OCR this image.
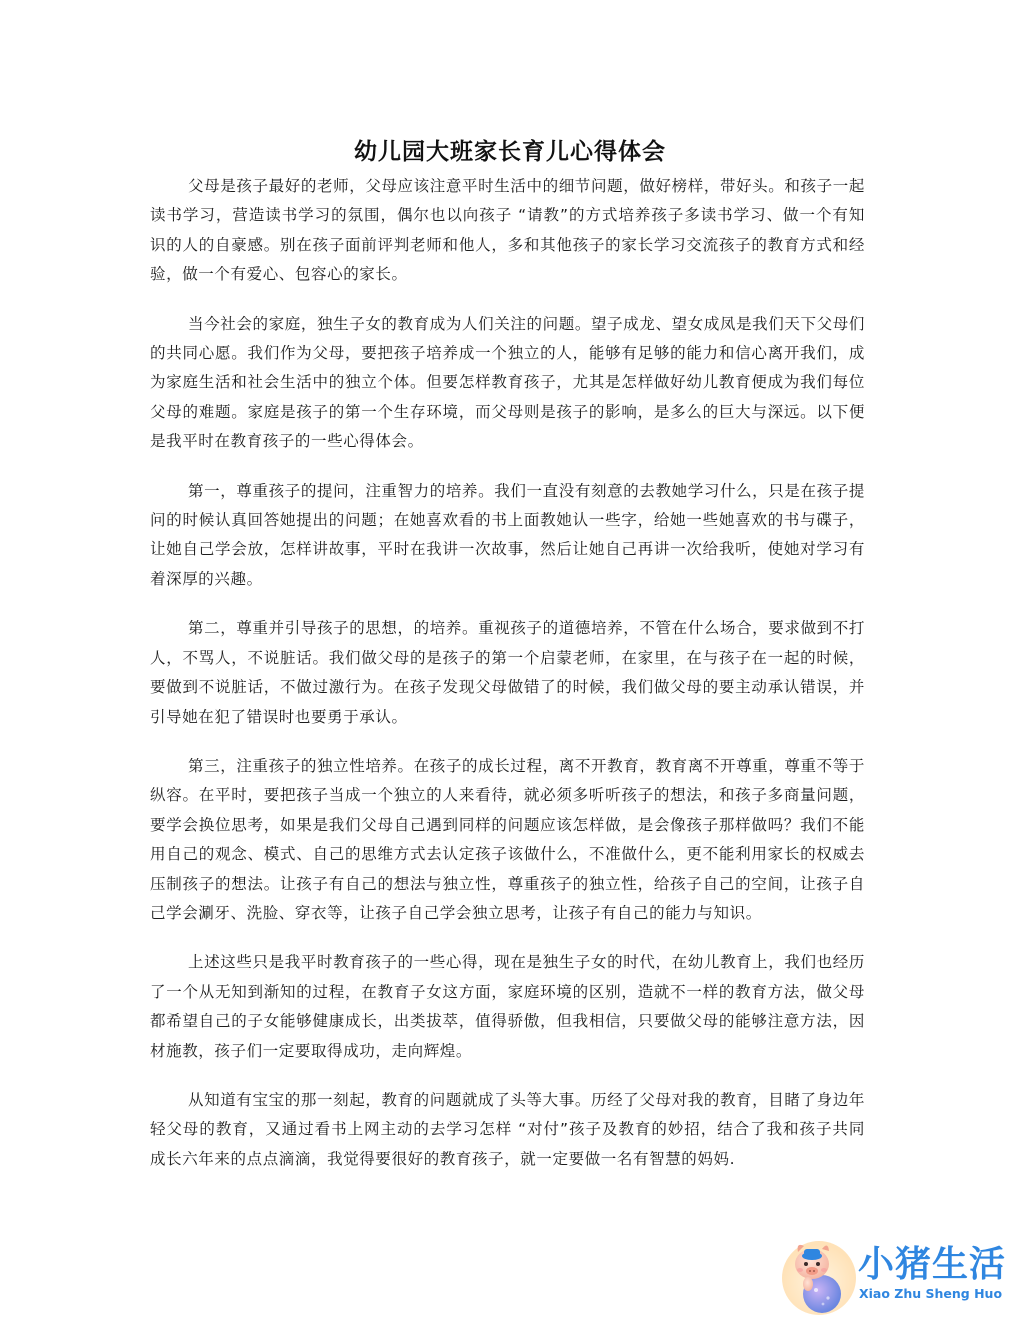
幼儿园大班家长育儿心得体会

父母是孩子最好的老师，父母应该注意平时生活中的细节问题，做好榜样，带好头。和孩子一起读书学习，营造读书学习的氛围，偶尔也以向孩子 “请教”的方式培养孩子多读书学习、做一个有知识的人的自豪感。别在孩子面前评判老师和他人，多和其他孩子的家长学习交流孩子的教育方式和经验，做一个有爱心、包容心的家长。

当今社会的家庭，独生子女的教育成为人们关注的问题。望子成龙、望女成凤是我们天下父母们的共同心愿。我们作为父母，要把孩子培养成一个独立的人，能够有足够的能力和信心离开我们，成为家庭生活和社会生活中的独立个体。但要怎样教育孩子，尤其是怎样做好幼儿教育便成为我们每位父母的难题。家庭是孩子的第一个生存环境，而父母则是孩子的影响，是多么的巨大与深远。以下便是我平时在教育孩子的一些心得体会。

第一，尊重孩子的提问，注重智力的培养。我们一直没有刻意的去教她学习什么，只是在孩子提问的时候认真回答她提出的问题；在她喜欢看的书上面教她认一些字，给她一些她喜欢的书与碟子，让她自己学会放，怎样讲故事，平时在我讲一次故事，然后让她自己再讲一次给我听，使她对学习有着深厚的兴趣。

第二，尊重并引导孩子的思想，的培养。重视孩子的道德培养，不管在什么场合，要求做到不打人，不骂人，不说脏话。我们做父母的是孩子的第一个启蒙老师，在家里，在与孩子在一起的时候，要做到不说脏话，不做过激行为。在孩子发现父母做错了的时候，我们做父母的要主动承认错误，并引导她在犯了错误时也要勇于承认。

第三，注重孩子的独立性培养。在孩子的成长过程，离不开教育，教育离不开尊重，尊重不等于纵容。在平时，要把孩子当成一个独立的人来看待，就必须多听听孩子的想法，和孩子多商量问题，要学会换位思考，如果是我们父母自己遇到同样的问题应该怎样做，是会像孩子那样做吗？我们不能用自己的观念、模式、自己的思维方式去认定孩子该做什么，不准做什么，更不能利用家长的权威去压制孩子的想法。让孩子有自己的想法与独立性，尊重孩子的独立性，给孩子自己的空间，让孩子自己学会涮牙、洗脸、穿衣等，让孩子自己学会独立思考，让孩子有自己的能力与知识。

上述这些只是我平时教育孩子的一些心得，现在是独生子女的时代，在幼儿教育上，我们也经历了一个从无知到渐知的过程，在教育子女这方面，家庭环境的区别，造就不一样的教育方法，做父母都希望自己的子女能够健康成长，出类拔萃，值得骄傲，但我相信，只要做父母的能够注意方法，因材施教，孩子们一定要取得成功，走向辉煌。

从知道有宝宝的那一刻起，教育的问题就成了头等大事。历经了父母对我的教育，目睹了身边年轻父母的教育，又通过看书上网主动的去学习怎样 “对付”孩子及教育的妙招，结合了我和孩子共同成长六年来的点点滴滴，我觉得要很好的教育孩子，就一定要做一名有智慧的妈妈.

小猪生活
Xiao Zhu Sheng Huo
